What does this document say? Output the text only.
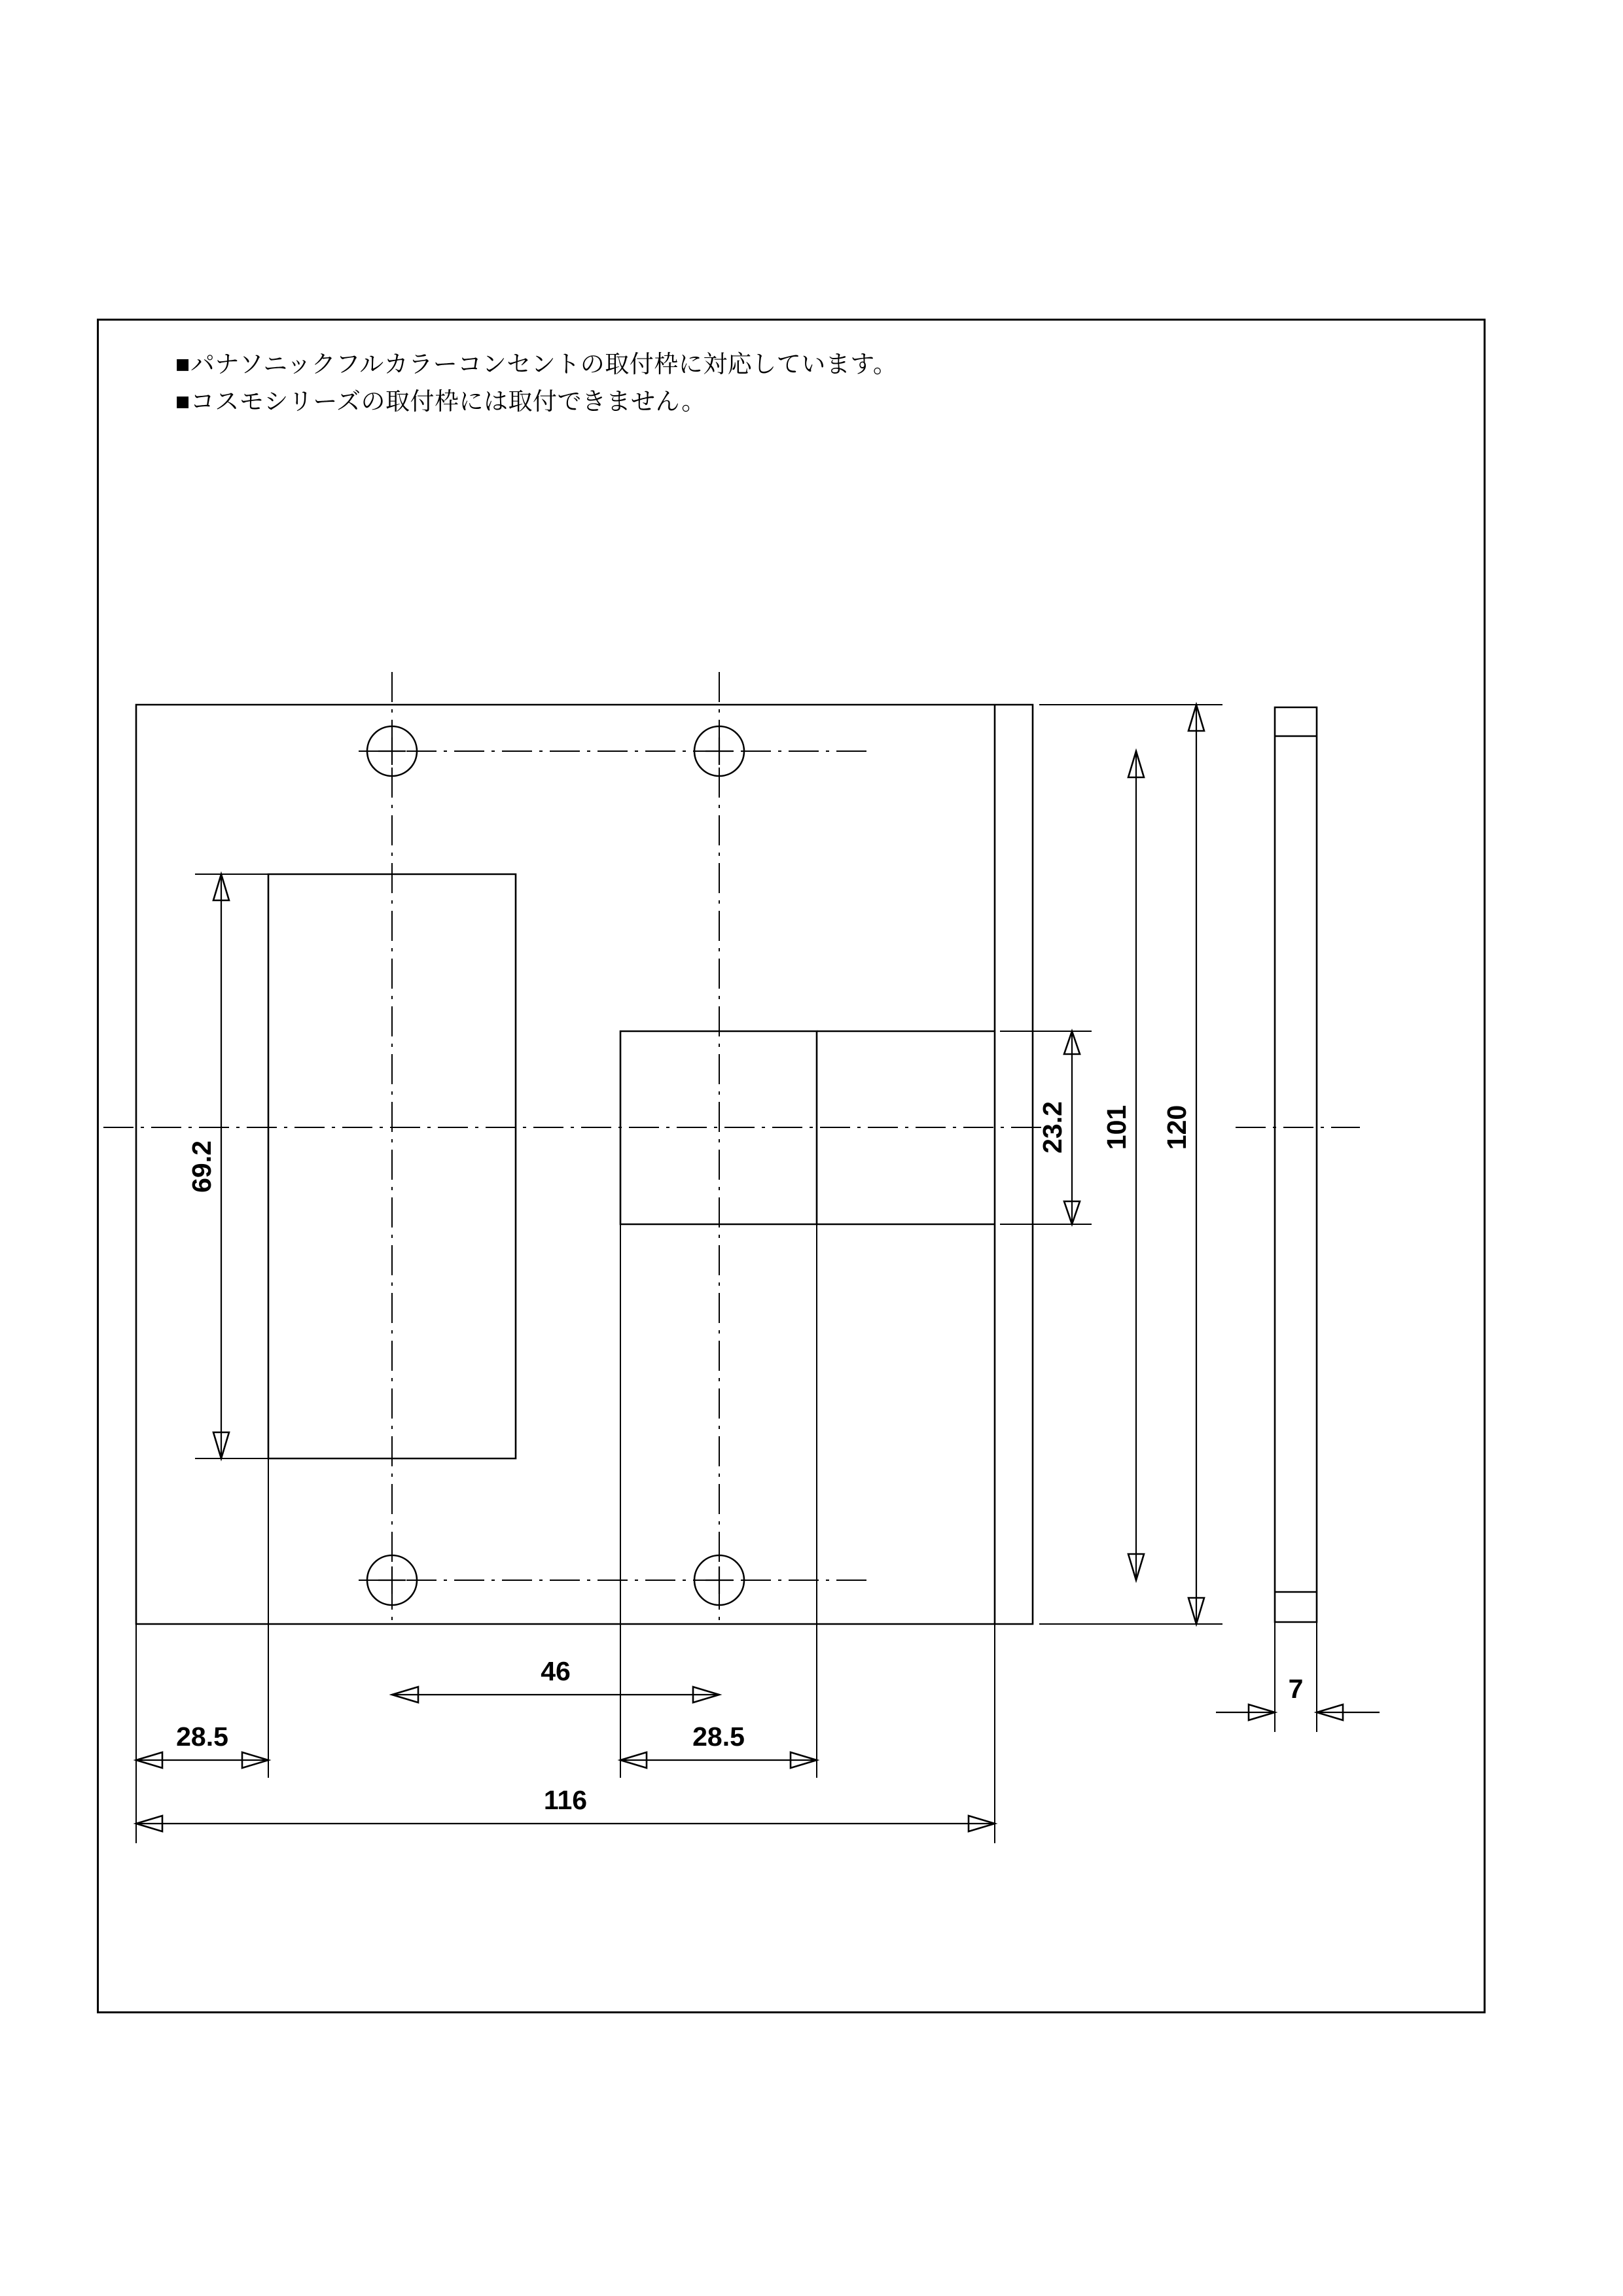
■パナソニックフルカラーコンセントの取付枠に対応しています。
■コスモシリーズの取付枠には取付できません。
120
101
23.2
69.2
46
28.5	28.5
116
7
